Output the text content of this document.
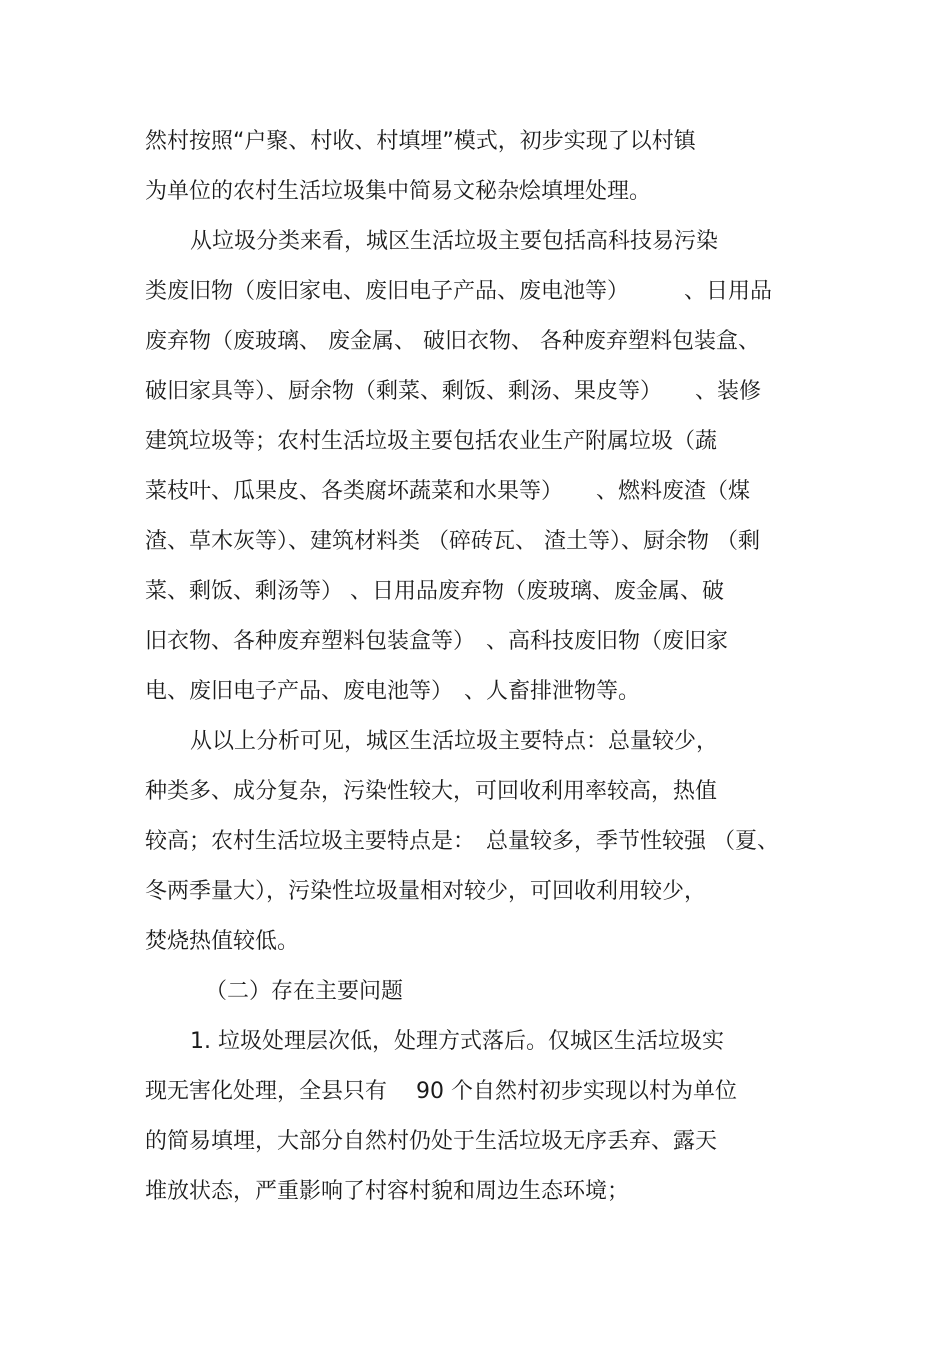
然村按照“户聚、村收、村填埋”模式，初步实现了以村镇
为单位的农村生活垃圾集中简易文秘杂烩填埋处理。
从垃圾分类来看，城区生活垃圾主要包括高科技易污染
类废旧物（废旧家电、废旧电子产品、废电池等）　　　、日用品
废弃物（废玻璃、 废金属、 破旧衣物、 各种废弃塑料包装盒、
破旧家具等）、厨余物（剩菜、剩饭、剩汤、果皮等）　　、装修
建筑垃圾等；农村生活垃圾主要包括农业生产附属垃圾（蔬
菜枝叶、瓜果皮、各类腐坏蔬菜和水果等）　　、燃料废渣（煤
渣、草木灰等）、建筑材料类 （碎砖瓦、 渣土等）、厨余物 （剩
菜、剩饭、剩汤等） 、日用品废弃物（废玻璃、废金属、破
旧衣物、各种废弃塑料包装盒等）　、高科技废旧物（废旧家
电、废旧电子产品、废电池等）　、人畜排泄物等。
从以上分析可见，城区生活垃圾主要特点：总量较少，
种类多、成分复杂，污染性较大，可回收利用率较高，热值
较高；农村生活垃圾主要特点是：　总量较多，季节性较强 （夏、
冬两季量大），污染性垃圾量相对较少，可回收利用较少，
焚烧热值较低。
（二）存在主要问题
1. 垃圾处理层次低，处理方式落后。仅城区生活垃圾实
现无害化处理，全县只有　 90 个自然村初步实现以村为单位
的简易填埋，大部分自然村仍处于生活垃圾无序丢弃、露天
堆放状态，严重影响了村容村貌和周边生态环境；
